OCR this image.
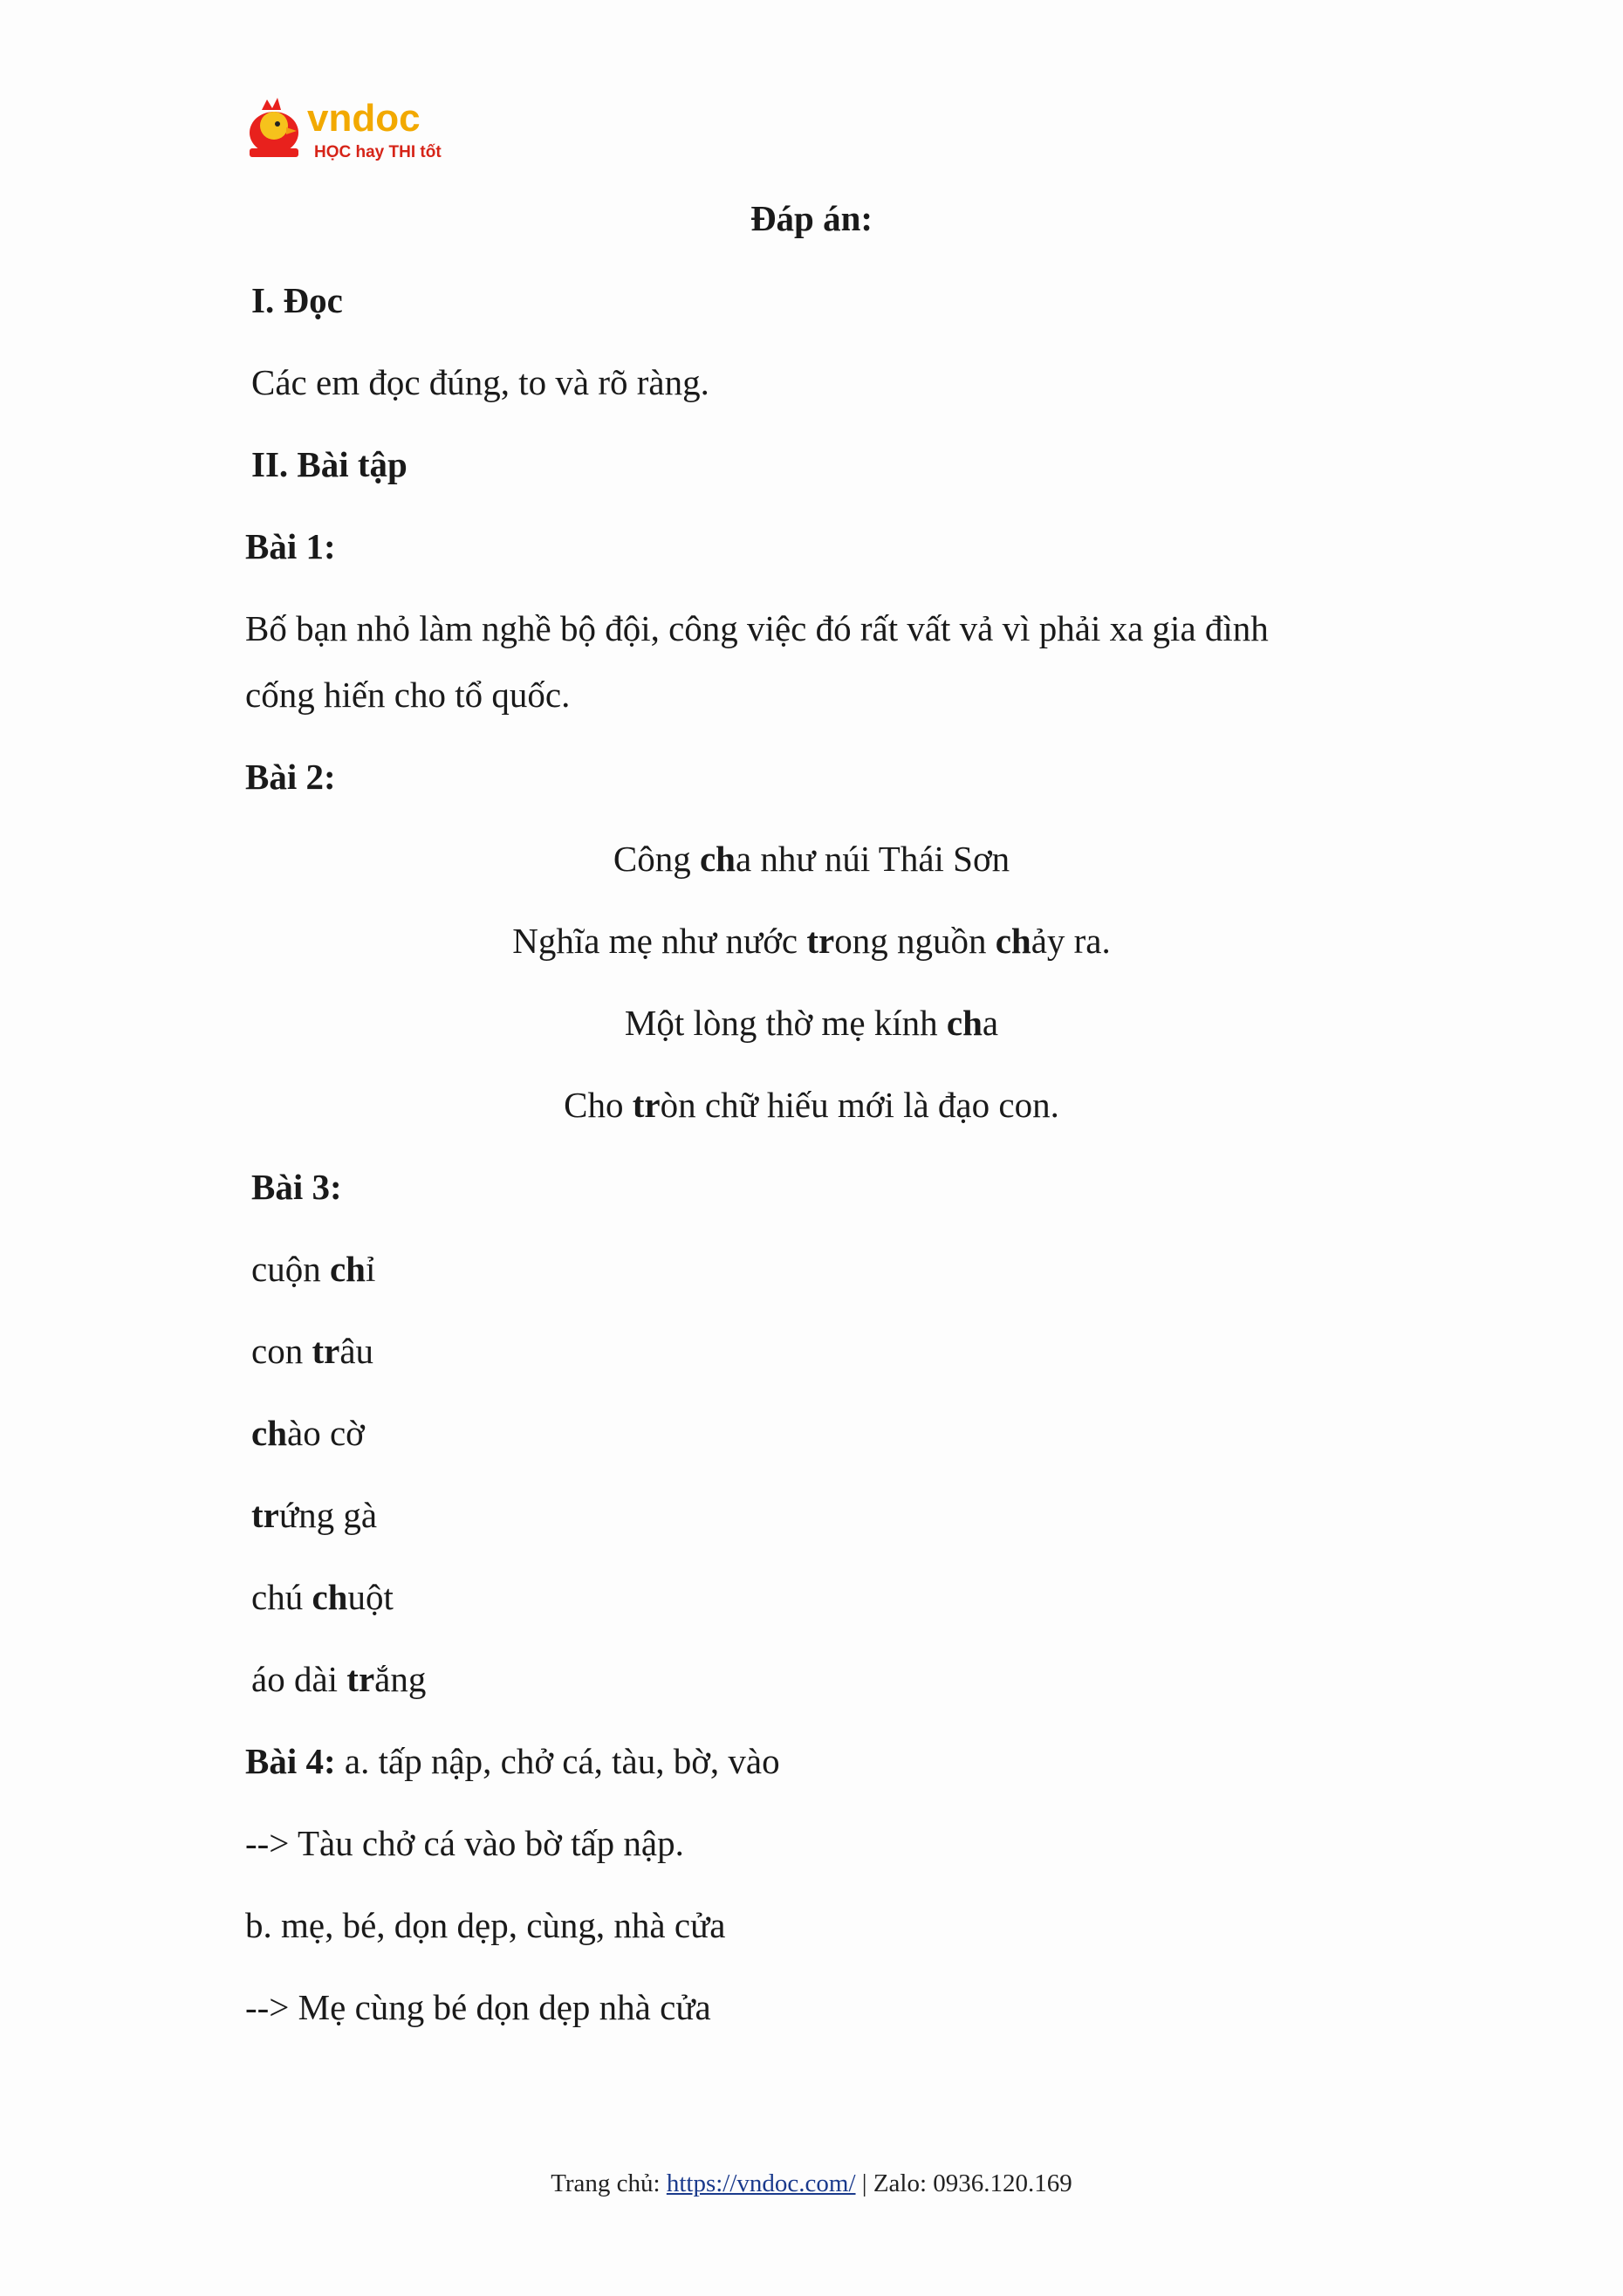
vndoc
HỌC hay THI tốt
Đáp án:
I. Đọc
Các em đọc đúng, to và rõ ràng.
II. Bài tập
Bài 1:
Bố bạn nhỏ làm nghề bộ đội, công việc đó rất vất vả vì phải xa gia đình
cống hiến cho tổ quốc.
Bài 2:
Công cha như núi Thái Sơn
Nghĩa mẹ như nước trong nguồn chảy ra.
Một lòng thờ mẹ kính cha
Cho tròn chữ hiếu mới là đạo con.
Bài 3:
cuộn chỉ
con trâu
chào cờ
trứng gà
chú chuột
áo dài trắng
Bài 4: a. tấp nập, chở cá, tàu, bờ, vào
--> Tàu chở cá vào bờ tấp nập.
b. mẹ, bé, dọn dẹp, cùng, nhà cửa
--> Mẹ cùng bé dọn dẹp nhà cửa
Trang chủ: https://vndoc.com/ | Zalo: 0936.120.169
